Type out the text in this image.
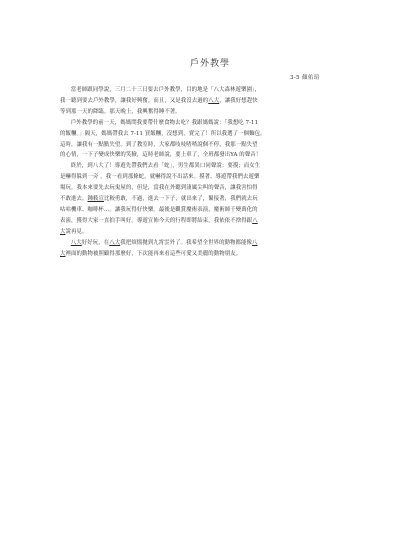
戶外教學
3-5 顏佑瑄
當老師跟同學說，三月二十三日要去戶外教學，目的地是「八大森林遊樂園」，
我一聽到要去戶外教學，讓我好興奮。而且，又是我沒去過的八大，讓我好想趕快
等到那一天的降臨。那天晚上，我興奮得睡不著。
戶外教學的前一天，媽媽問我要帶什麼食物去吃？我跟媽媽說：「我想吃 7-11
的飯糰。」隔天，媽媽帶我去 7-11 買飯糰，沒想到，賣完了！所以我選了一個麵包，
這時，讓我有一點點失望。到了教室時，大家都吱吱喳喳說個不停，我那一點失望
的心情，一下子變成快樂的笑臉，這時老師說，要上車了，全班都發出YA 的聲音！
終於，到八大了！導遊先帶我們去看「蛇」，男生都異口同聲說：要摸；而女生
是嚇得躲到一旁 。我一看到那條蛇，就嚇得說不出話來。摸著、導遊帶我們去遊樂
場玩。我本來要先去玩鬼屋的，但是，當我在外聽到淒厲尖叫的聲音，讓我害怕得
不敢進去。鍾筱宣比較勇敢，不過，進去一下子，就出來了，緊接著，我們就去玩
咕咕機車、咖啡杯…。讓我玩得好快樂。最後是觀賞魔術表演，魔術師千變萬化的
表演，獲得大家一直拍手叫好。導遊宣佈今天的行程即將結束，我依依不捨得跟八
大說再見。
八大好好玩，在八大我把煩惱拋到九霄雲外了。我希望全世界的動物都能像八
大裡面的動物被照顧得那麼好，下次能再來看這些可愛又美麗的動物朋友。
